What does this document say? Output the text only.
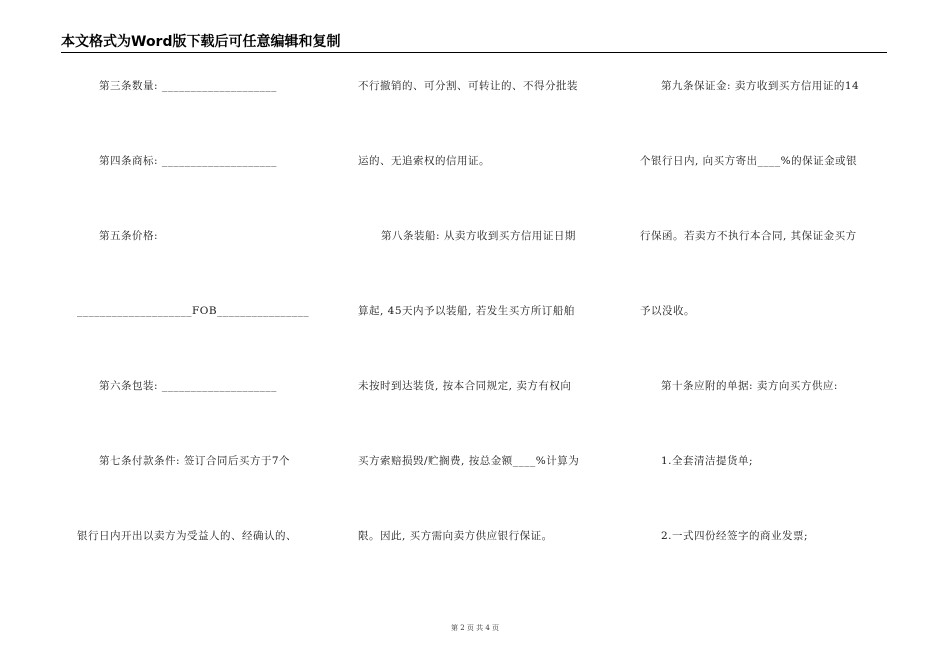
本文格式为Word版下载后可任意编辑和复制
第三条数量: ____________________
第四条商标: ____________________
第五条价格:
____________________FOB________________
第六条包装: ____________________
第七条付款条件: 签订合同后买方于7个
银行日内开出以卖方为受益人的、经确认的、
不行撤销的、可分割、可转让的、不得分批装
运的、无追索权的信用证。
第八条装船: 从卖方收到买方信用证日期
算起, 45天内予以装船, 若发生买方所订船舶
未按时到达装货, 按本合同规定, 卖方有权向
买方索赔损毁/贮搁费, 按总金额____%计算为
限。因此, 买方需向卖方供应银行保证。
第九条保证金: 卖方收到买方信用证的14
个银行日内, 向买方寄出____%的保证金或银
行保函。若卖方不执行本合同, 其保证金买方
予以没收。
第十条应附的单据: 卖方向买方供应:
1.全套清洁提货单;
2.一式四份经签字的商业发票;
第 2 页 共 4 页
